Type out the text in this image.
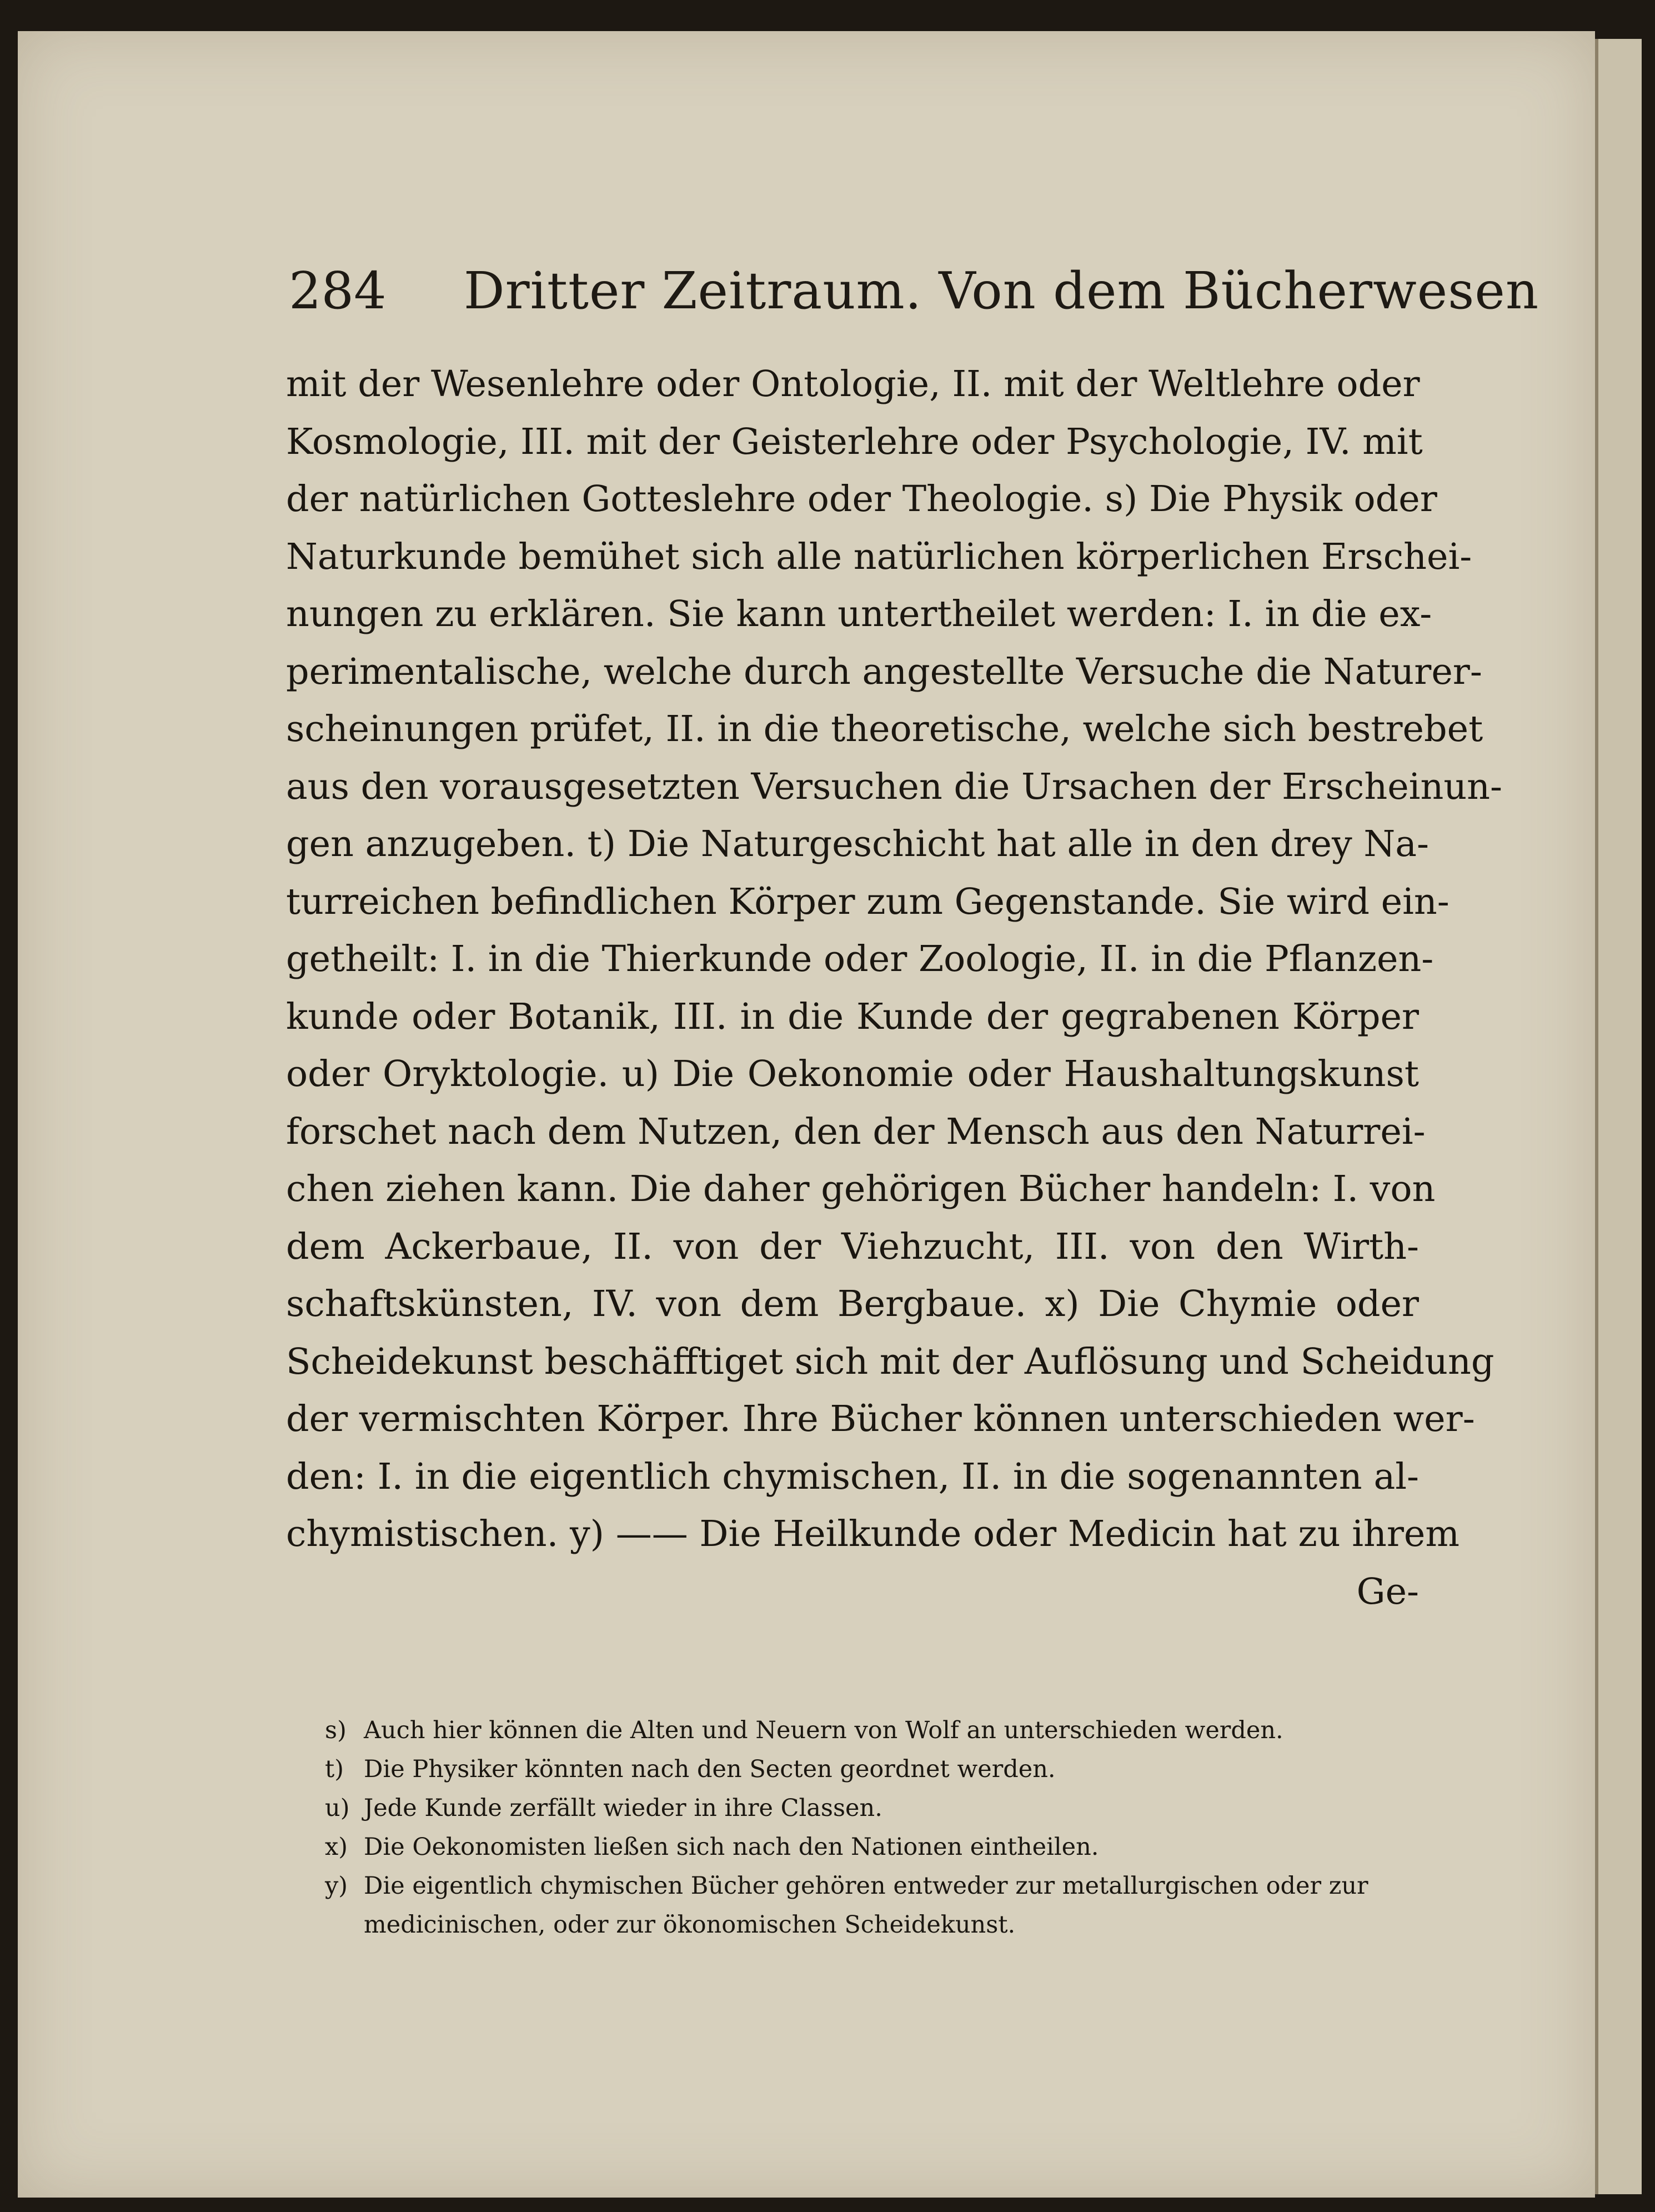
284 Dritter Zeitraum. Von dem Bücherwesen
mit der Wesenlehre oder Ontologie, II. mit der Weltlehre oder
Kosmologie, III. mit der Geisterlehre oder Psychologie, IV. mit
der natürlichen Gotteslehre oder Theologie. s) Die Physik oder
Naturkunde bemühet sich alle natürlichen körperlichen Erschei-
nungen zu erklären. Sie kann untertheilet werden: I. in die ex-
perimentalische, welche durch angestellte Versuche die Naturer-
scheinungen prüfet, II. in die theoretische, welche sich bestrebet
aus den vorausgesetzten Versuchen die Ursachen der Erscheinun-
gen anzugeben. t) Die Naturgeschicht hat alle in den drey Na-
turreichen befindlichen Körper zum Gegenstande. Sie wird ein-
getheilt: I. in die Thierkunde oder Zoologie, II. in die Pflanzen-
kunde oder Botanik, III. in die Kunde der gegrabenen Körper
oder Oryktologie. u) Die Oekonomie oder Haushaltungskunst
forschet nach dem Nutzen, den der Mensch aus den Naturrei-
chen ziehen kann. Die daher gehörigen Bücher handeln: I. von
dem Ackerbaue, II. von der Viehzucht, III. von den Wirth-
schaftskünsten, IV. von dem Bergbaue. x) Die Chymie oder
Scheidekunst beschäfftiget sich mit der Auflösung und Scheidung
der vermischten Körper. Ihre Bücher können unterschieden wer-
den: I. in die eigentlich chymischen, II. in die sogenannten al-
chymistischen. y) —— Die Heilkunde oder Medicin hat zu ihrem
Ge-
s) Auch hier können die Alten und Neuern von Wolf an unterschieden werden.
t) Die Physiker könnten nach den Secten geordnet werden.
u) Jede Kunde zerfällt wieder in ihre Classen.
x) Die Oekonomisten ließen sich nach den Nationen eintheilen.
y) Die eigentlich chymischen Bücher gehören entweder zur metallurgischen oder zur
medicinischen, oder zur ökonomischen Scheidekunst.
